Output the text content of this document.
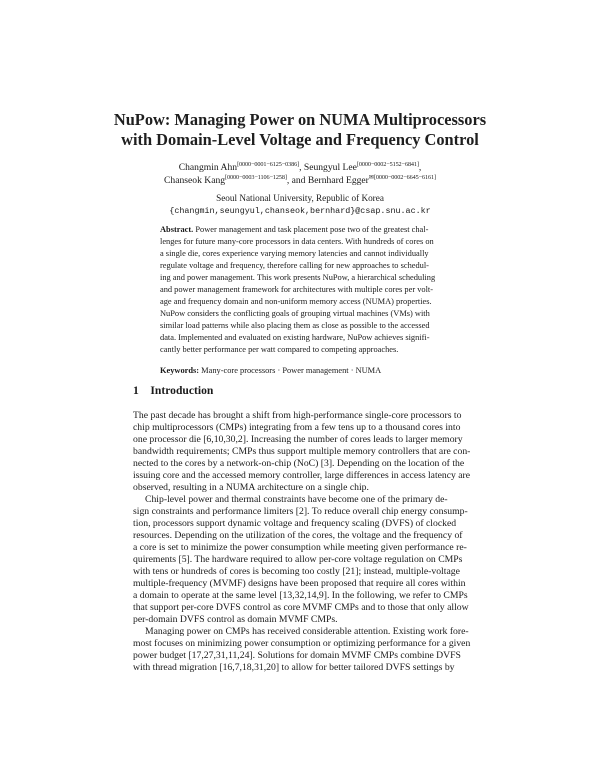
NuPow: Managing Power on NUMA Multiprocessors
with Domain-Level Voltage and Frequency Control
Changmin Ahn[0000−0001−6125−0386], Seungyul Lee[0000−0002−5152−6841],
Chanseok Kang[0000−0003−1106−1258], and Bernhard Egger$^{✉[0000-0002-6645-6161]}$
Seoul National University, Republic of Korea
{changmin,seungyul,chanseok,bernhard}@csap.snu.ac.kr
Abstract. Power management and task placement pose two of the greatest chal-
lenges for future many-core processors in data centers. With hundreds of cores on
a single die, cores experience varying memory latencies and cannot individually
regulate voltage and frequency, therefore calling for new approaches to schedul-
ing and power management. This work presents NuPow, a hierarchical scheduling
and power management framework for architectures with multiple cores per volt-
age and frequency domain and non-uniform memory access (NUMA) properties.
NuPow considers the conflicting goals of grouping virtual machines (VMs) with
similar load patterns while also placing them as close as possible to the accessed
data. Implemented and evaluated on existing hardware, NuPow achieves signifi-
cantly better performance per watt compared to competing approaches.
Keywords: Many-core processors · Power management · NUMA
1 Introduction
The past decade has brought a shift from high-performance single-core processors to
chip multiprocessors (CMPs) integrating from a few tens up to a thousand cores into
one processor die [6,10,30,2]. Increasing the number of cores leads to larger memory
bandwidth requirements; CMPs thus support multiple memory controllers that are con-
nected to the cores by a network-on-chip (NoC) [3]. Depending on the location of the
issuing core and the accessed memory controller, large differences in access latency are
observed, resulting in a NUMA architecture on a single chip.
Chip-level power and thermal constraints have become one of the primary de-
sign constraints and performance limiters [2]. To reduce overall chip energy consump-
tion, processors support dynamic voltage and frequency scaling (DVFS) of clocked
resources. Depending on the utilization of the cores, the voltage and the frequency of
a core is set to minimize the power consumption while meeting given performance re-
quirements [5]. The hardware required to allow per-core voltage regulation on CMPs
with tens or hundreds of cores is becoming too costly [21]; instead, multiple-voltage
multiple-frequency (MVMF) designs have been proposed that require all cores within
a domain to operate at the same level [13,32,14,9]. In the following, we refer to CMPs
that support per-core DVFS control as core MVMF CMPs and to those that only allow
per-domain DVFS control as domain MVMF CMPs.
Managing power on CMPs has received considerable attention. Existing work fore-
most focuses on minimizing power consumption or optimizing performance for a given
power budget [17,27,31,11,24]. Solutions for domain MVMF CMPs combine DVFS
with thread migration [16,7,18,31,20] to allow for better tailored DVFS settings by
